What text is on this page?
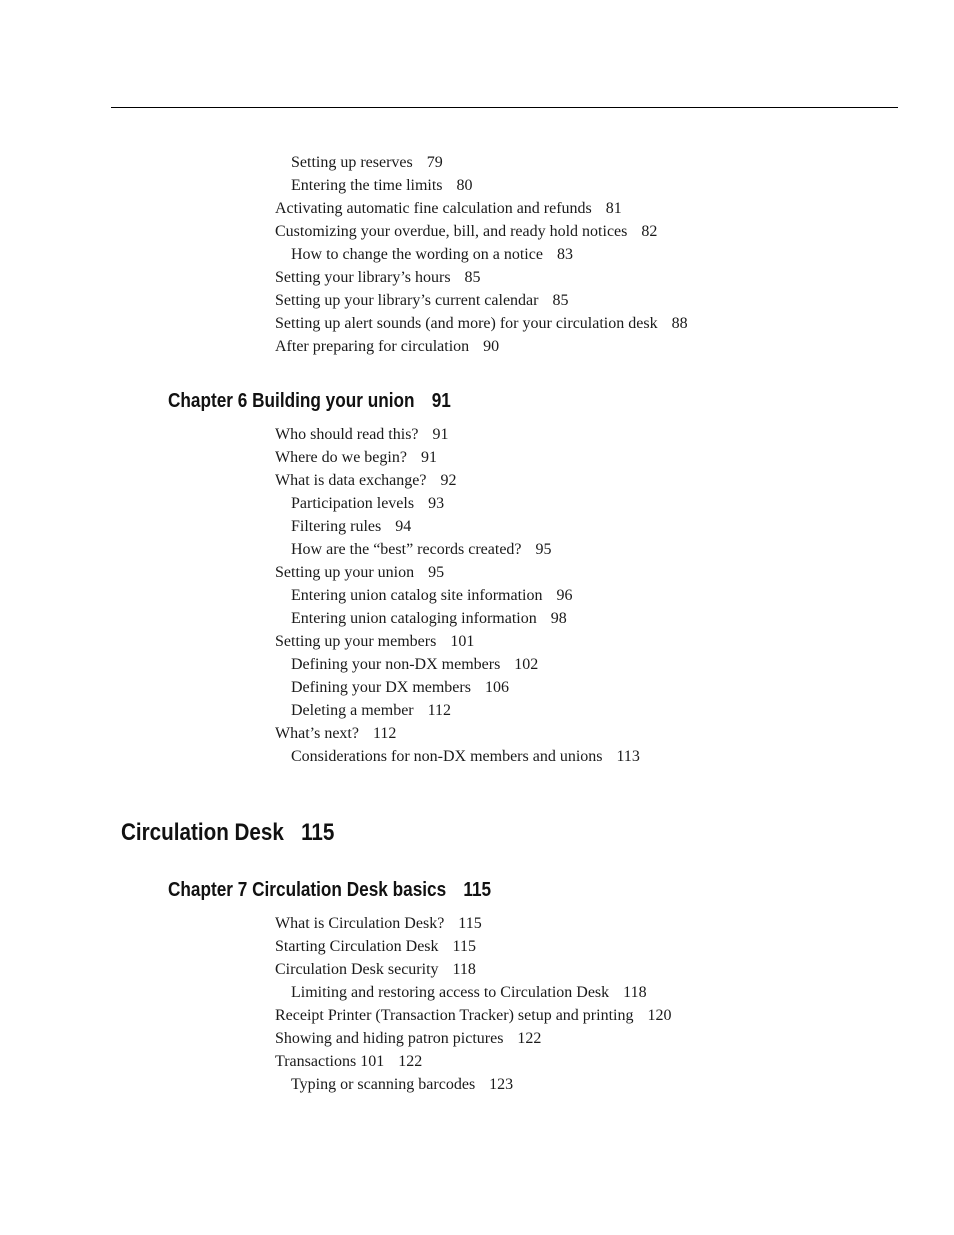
Setting up reserves 79
Entering the time limits 80
Activating automatic fine calculation and refunds 81
Customizing your overdue, bill, and ready hold notices 82
How to change the wording on a notice 83
Setting your library’s hours 85
Setting up your library’s current calendar 85
Setting up alert sounds (and more) for your circulation desk 88
After preparing for circulation 90
Chapter 6 Building your union 91
Who should read this? 91
Where do we begin? 91
What is data exchange? 92
Participation levels 93
Filtering rules 94
How are the “best” records created? 95
Setting up your union 95
Entering union catalog site information 96
Entering union cataloging information 98
Setting up your members 101
Defining your non-DX members 102
Defining your DX members 106
Deleting a member 112
What’s next? 112
Considerations for non-DX members and unions 113
Circulation Desk 115
Chapter 7 Circulation Desk basics 115
What is Circulation Desk? 115
Starting Circulation Desk 115
Circulation Desk security 118
Limiting and restoring access to Circulation Desk 118
Receipt Printer (Transaction Tracker) setup and printing 120
Showing and hiding patron pictures 122
Transactions 101 122
Typing or scanning barcodes 123
